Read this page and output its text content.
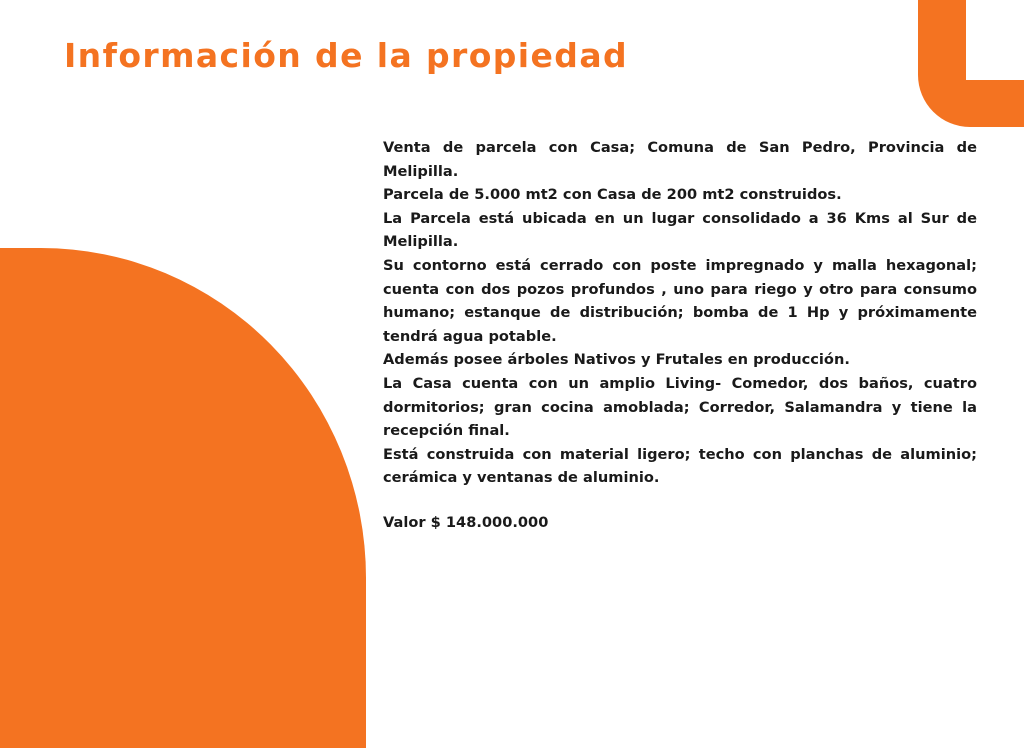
Información de la propiedad

Venta de parcela con Casa; Comuna de San Pedro, Provincia de Melipilla.

Parcela de 5.000 mt2 con Casa de 200 mt2 construidos.

La Parcela está ubicada en un lugar consolidado a 36 Kms al Sur de Melipilla.

Su contorno está cerrado con poste impregnado y malla hexagonal; cuenta con dos pozos profundos , uno para riego y otro para consumo humano; estanque de distribución; bomba de 1 Hp y próximamente tendrá agua potable.

Además posee árboles Nativos y Frutales en producción.

La Casa cuenta con un amplio Living- Comedor, dos baños, cuatro dormitorios; gran cocina amoblada; Corredor, Salamandra y tiene la recepción final.

Está construida con material ligero; techo con planchas de aluminio; cerámica y ventanas de aluminio.

Valor $ 148.000.000
